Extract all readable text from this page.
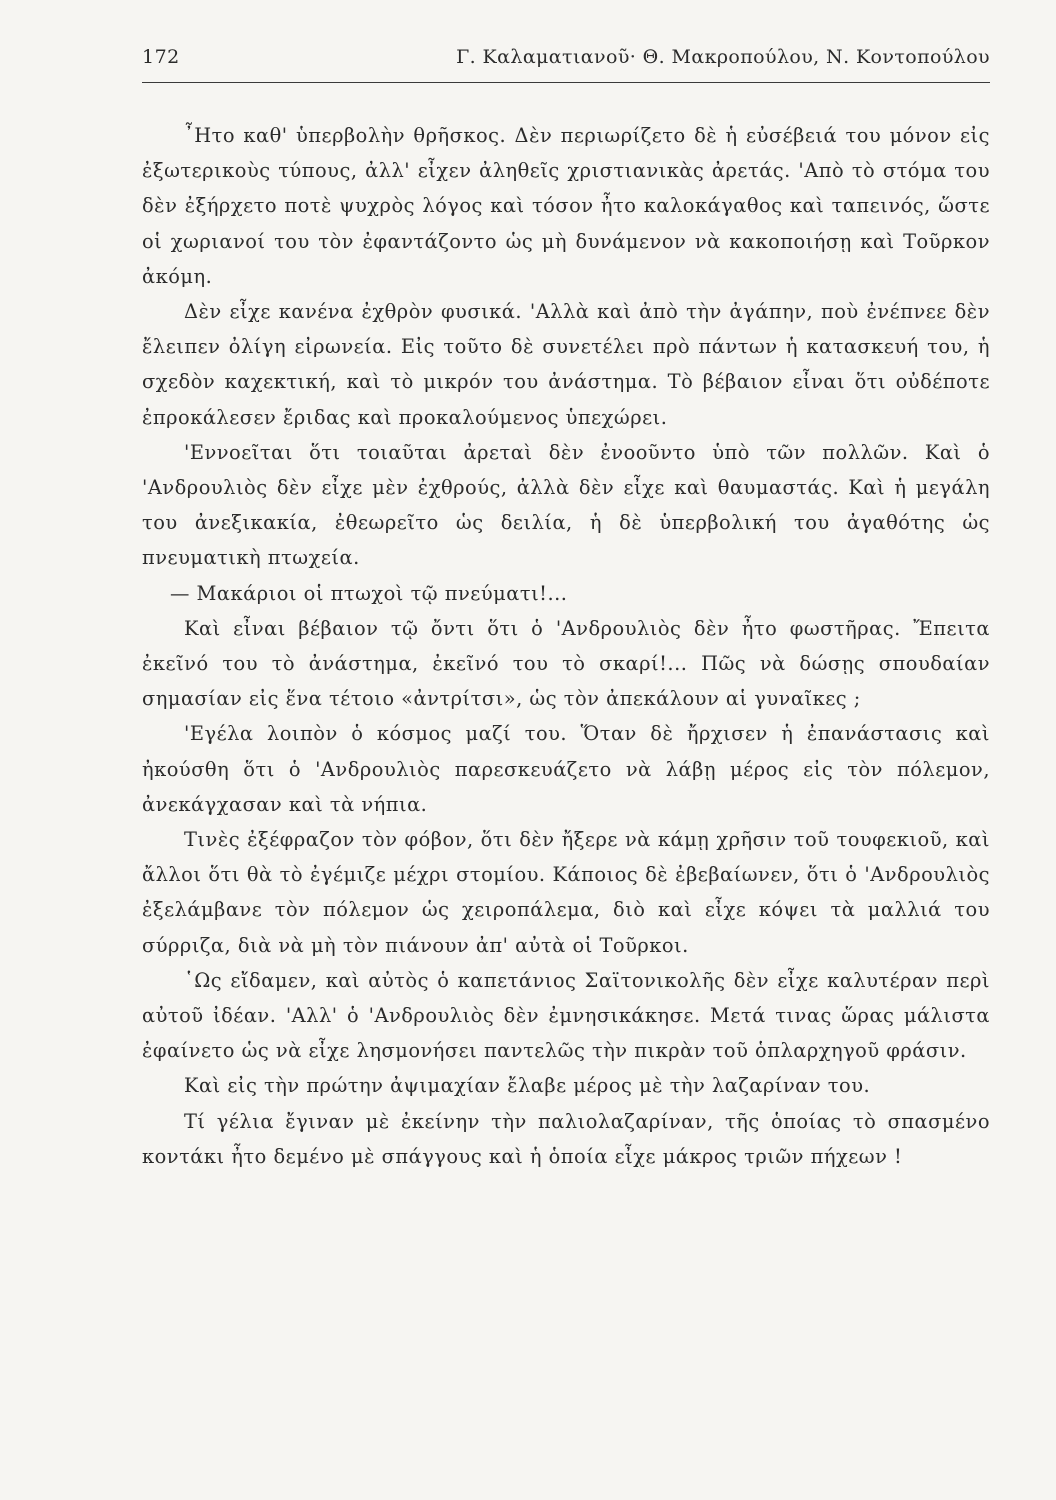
172	Γ. Καλαματιανοῦ· Θ. Μακροπούλου, Ν. Κοντοπούλου

῏Ητο καθ' ὑπερβολὴν θρῆσκος. Δὲν περιωρίζετο δὲ ἡ εὐσέβειά του μόνον εἰς ἐξωτερικοὺς τύπους, ἀλλ' εἶχεν ἀληθεῖς χριστιανικὰς ἀρετάς. 'Απὸ τὸ στόμα του δὲν ἐξήρχετο ποτὲ ψυχρὸς λόγος καὶ τόσον ἦτο καλοκάγαθος καὶ ταπεινός, ὥστε οἱ χωριανοί του τὸν ἐφαντάζοντο ὡς μὴ δυνάμενον νὰ κακοποιήσῃ καὶ Τοῦρκον ἀκόμη.

Δὲν εἶχε κανένα ἐχθρὸν φυσικά. 'Αλλὰ καὶ ἀπὸ τὴν ἀγάπην, ποὺ ἐνέπνεε δὲν ἔλειπεν ὀλίγη εἰρωνεία. Εἰς τοῦτο δὲ συνετέλει πρὸ πάντων ἡ κατασκευή του, ἡ σχεδὸν καχεκτική, καὶ τὸ μικρόν του ἀνάστημα. Τὸ βέβαιον εἶναι ὅτι οὐδέποτε ἐπροκάλεσεν ἔριδας καὶ προκαλούμενος ὑπεχώρει.

'Εννοεῖται ὅτι τοιαῦται ἀρεταὶ δὲν ἐνοοῦντο ὑπὸ τῶν πολλῶν. Καὶ ὁ 'Ανδρουλιὸς δὲν εἶχε μὲν ἐχθρούς, ἀλλὰ δὲν εἶχε καὶ θαυμαστάς. Καὶ ἡ μεγάλη του ἀνεξικακία, ἐθεωρεῖτο ὡς δειλία, ἡ δὲ ὑπερβολική του ἀγαθότης ὡς πνευματικὴ πτωχεία.

— Μακάριοι οἱ πτωχοὶ τῷ πνεύματι!...

Καὶ εἶναι βέβαιον τῷ ὄντι ὅτι ὁ 'Ανδρουλιὸς δὲν ἦτο φωστῆρας. Ἔπειτα ἐκεῖνό του τὸ ἀνάστημα, ἐκεῖνό του τὸ σκαρί!... Πῶς νὰ δώσῃς σπουδαίαν σημασίαν εἰς ἕνα τέτοιο «ἀντρίτσι», ὡς τὸν ἀπεκάλουν αἱ γυναῖκες ;

'Εγέλα λοιπὸν ὁ κόσμος μαζί του. Ὅταν δὲ ἤρχισεν ἡ ἐπανάστασις καὶ ἠκούσθη ὅτι ὁ 'Ανδρουλιὸς παρεσκευάζετο νὰ λάβῃ μέρος εἰς τὸν πόλεμον, ἀνεκάγχασαν καὶ τὰ νήπια.

Τινὲς ἐξέφραζον τὸν φόβον, ὅτι δὲν ἤξερε νὰ κάμῃ χρῆσιν τοῦ τουφεκιοῦ, καὶ ἄλλοι ὅτι θὰ τὸ ἐγέμιζε μέχρι στομίου. Κάποιος δὲ ἐβεβαίωνεν, ὅτι ὁ 'Ανδρουλιὸς ἐξελάμβανε τὸν πόλεμον ὡς χειροπάλεμα, διὸ καὶ εἶχε κόψει τὰ μαλλιά του σύρριζα, διὰ νὰ μὴ τὸν πιάνουν ἀπ' αὐτὰ οἱ Τοῦρκοι.

῾Ως εἴδαμεν, καὶ αὐτὸς ὁ καπετάνιος Σαϊτονικολῆς δὲν εἶχε καλυτέραν περὶ αὐτοῦ ἰδέαν. 'Αλλ' ὁ 'Ανδρουλιὸς δὲν ἐμνησικάκησε. Μετά τινας ὥρας μάλιστα ἐφαίνετο ὡς νὰ εἶχε λησμονήσει παντελῶς τὴν πικρὰν τοῦ ὁπλαρχηγοῦ φράσιν.

Καὶ εἰς τὴν πρώτην ἀψιμαχίαν ἔλαβε μέρος μὲ τὴν λαζαρίναν του.

Τί γέλια ἔγιναν μὲ ἐκείνην τὴν παλιολαζαρίναν, τῆς ὁποίας τὸ σπασμένο κοντάκι ἦτο δεμένο μὲ σπάγγους καὶ ἡ ὁποία εἶχε μάκρος τριῶν πήχεων !
